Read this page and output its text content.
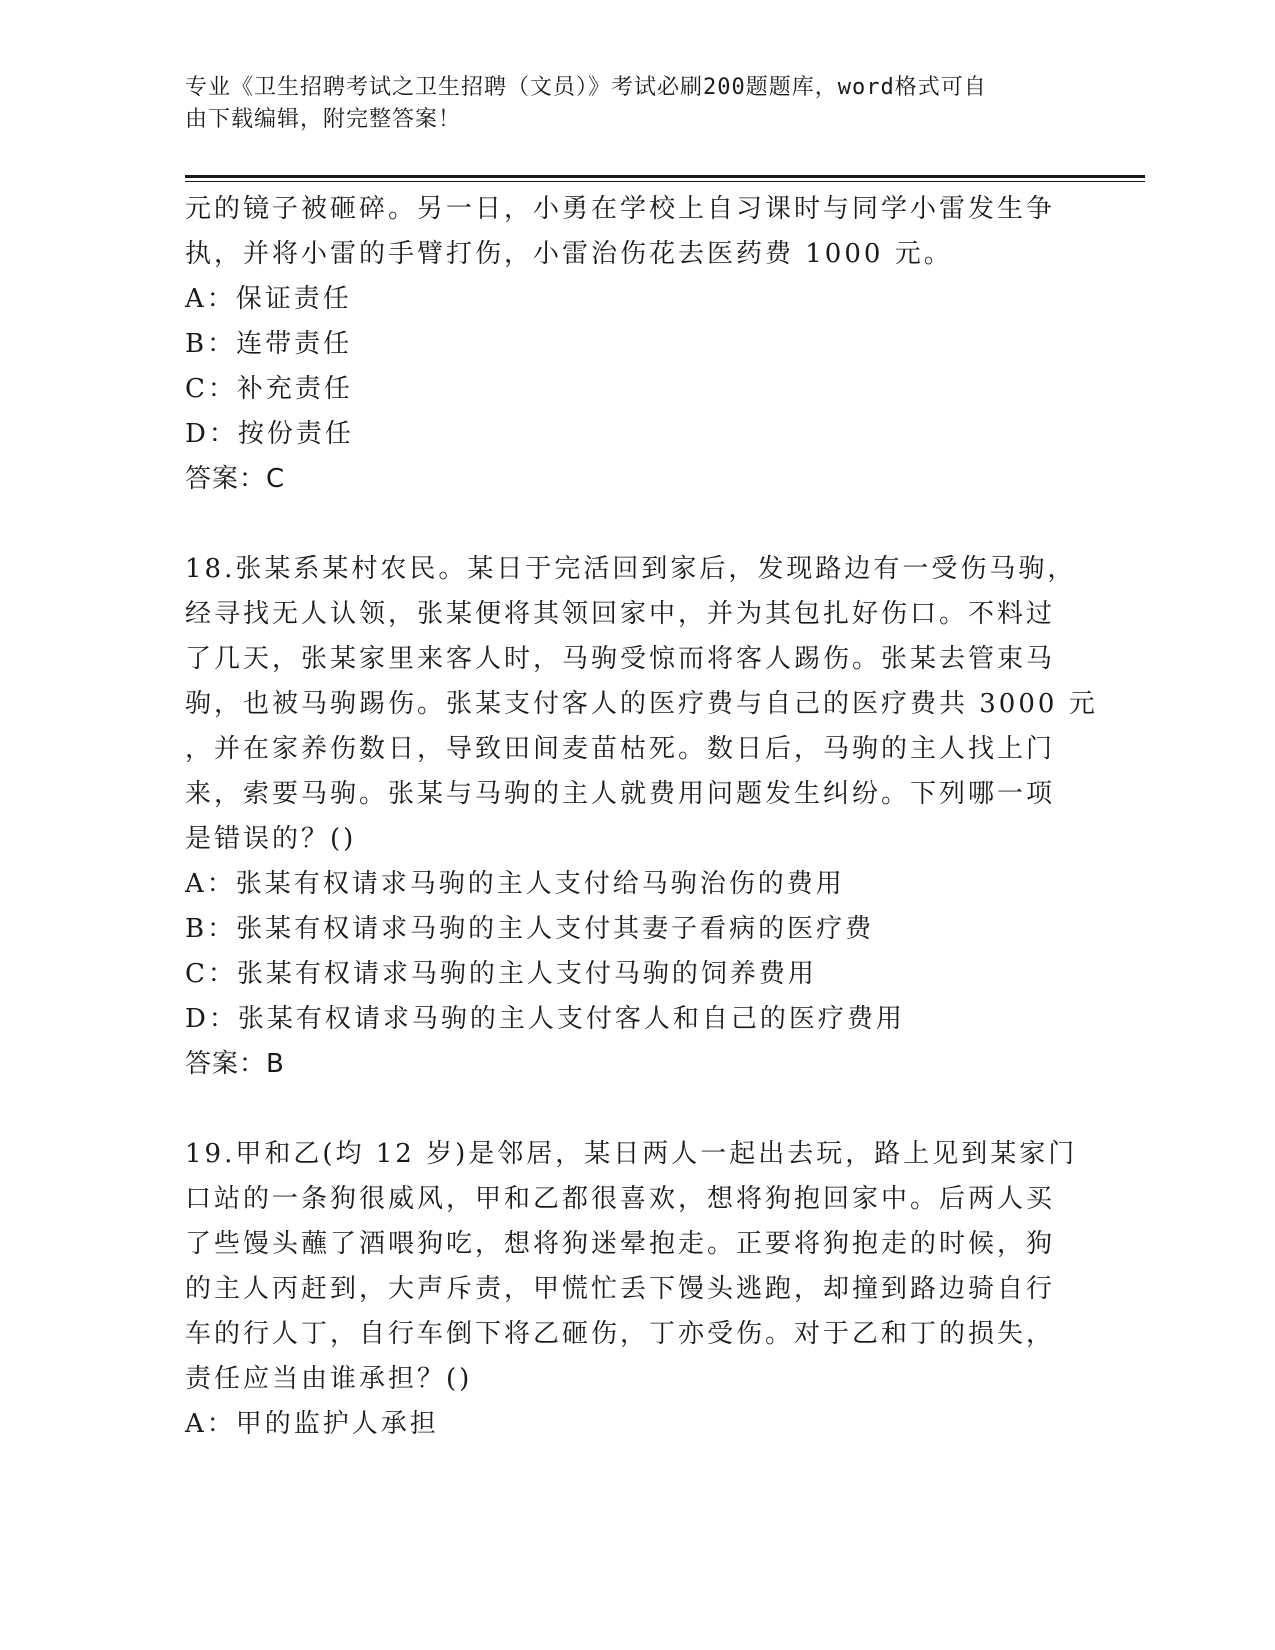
专业《卫生招聘考试之卫生招聘（文员）》考试必刷200题题库，word格式可自
由下载编辑，附完整答案！
元的镜子被砸碎。另一日，小勇在学校上自习课时与同学小雷发生争
执，并将小雷的手臂打伤，小雷治伤花去医药费 1000 元。
A：保证责任
B：连带责任
C：补充责任
D：按份责任
答案：C
18.张某系某村农民。某日于完活回到家后，发现路边有一受伤马驹，
经寻找无人认领，张某便将其领回家中，并为其包扎好伤口。不料过
了几天，张某家里来客人时，马驹受惊而将客人踢伤。张某去管束马
驹，也被马驹踢伤。张某支付客人的医疗费与自己的医疗费共 3000 元
，并在家养伤数日，导致田间麦苗枯死。数日后，马驹的主人找上门
来，索要马驹。张某与马驹的主人就费用问题发生纠纷。下列哪一项
是错误的？()
A：张某有权请求马驹的主人支付给马驹治伤的费用
B：张某有权请求马驹的主人支付其妻子看病的医疗费
C：张某有权请求马驹的主人支付马驹的饲养费用
D：张某有权请求马驹的主人支付客人和自己的医疗费用
答案：B
19.甲和乙(均 12 岁)是邻居，某日两人一起出去玩，路上见到某家门
口站的一条狗很威风，甲和乙都很喜欢，想将狗抱回家中。后两人买
了些馒头蘸了酒喂狗吃，想将狗迷晕抱走。正要将狗抱走的时候，狗
的主人丙赶到，大声斥责，甲慌忙丢下馒头逃跑，却撞到路边骑自行
车的行人丁，自行车倒下将乙砸伤，丁亦受伤。对于乙和丁的损失，
责任应当由谁承担？()
A：甲的监护人承担
